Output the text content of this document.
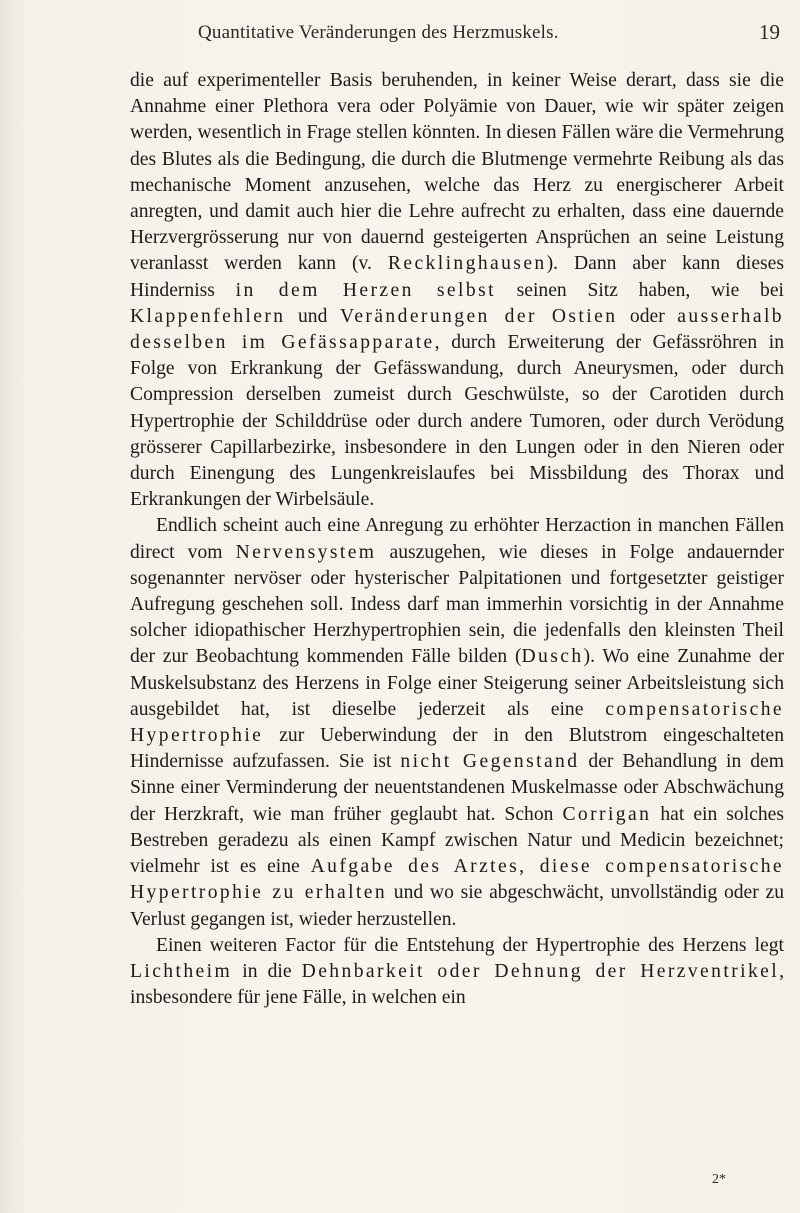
Quantitative Veränderungen des Herzmuskels.	19

die auf experimenteller Basis beruhenden, in keiner Weise derart, dass sie die Annahme einer Plethora vera oder Polyämie von Dauer, wie wir später zeigen werden, wesentlich in Frage stellen könnten. In diesen Fällen wäre die Vermehrung des Blutes als die Bedingung, die durch die Blutmenge vermehrte Reibung als das mechanische Moment anzusehen, welche das Herz zu energischerer Arbeit anregten, und damit auch hier die Lehre aufrecht zu erhalten, dass eine dauernde Herzvergrösserung nur von dauernd gesteigerten Ansprüchen an seine Leistung veranlasst werden kann (v. Recklinghausen). Dann aber kann dieses Hinderniss in dem Herzen selbst seinen Sitz haben, wie bei Klappenfehlern und Veränderungen der Ostien oder ausserhalb desselben im Gefässapparate, durch Erweiterung der Gefässröhren in Folge von Erkrankung der Gefässwandung, durch Aneurysmen, oder durch Compression derselben zumeist durch Geschwülste, so der Carotiden durch Hypertrophie der Schilddrüse oder durch andere Tumoren, oder durch Verödung grösserer Capillarbezirke, insbesondere in den Lungen oder in den Nieren oder durch Einengung des Lungenkreislaufes bei Missbildung des Thorax und Erkrankungen der Wirbelsäule.

Endlich scheint auch eine Anregung zu erhöhter Herzaction in manchen Fällen direct vom Nervensystem auszugehen, wie dieses in Folge andauernder sogenannter nervöser oder hysterischer Palpitationen und fortgesetzter geistiger Aufregung geschehen soll. Indess darf man immerhin vorsichtig in der Annahme solcher idiopathischer Herzhypertrophien sein, die jedenfalls den kleinsten Theil der zur Beobachtung kommenden Fälle bilden (Dusch). Wo eine Zunahme der Muskelsubstanz des Herzens in Folge einer Steigerung seiner Arbeitsleistung sich ausgebildet hat, ist dieselbe jederzeit als eine compensatorische Hypertrophie zur Ueberwindung der in den Blutstrom eingeschalteten Hindernisse aufzufassen. Sie ist nicht Gegenstand der Behandlung in dem Sinne einer Verminderung der neuentstandenen Muskelmasse oder Abschwächung der Herzkraft, wie man früher geglaubt hat. Schon Corrigan hat ein solches Bestreben geradezu als einen Kampf zwischen Natur und Medicin bezeichnet; vielmehr ist es eine Aufgabe des Arztes, diese compensatorische Hypertrophie zu erhalten und wo sie abgeschwächt, unvollständig oder zu Verlust gegangen ist, wieder herzustellen.

Einen weiteren Factor für die Entstehung der Hypertrophie des Herzens legt Lichtheim in die Dehnbarkeit oder Dehnung der Herzventrikel, insbesondere für jene Fälle, in welchen ein

2*
